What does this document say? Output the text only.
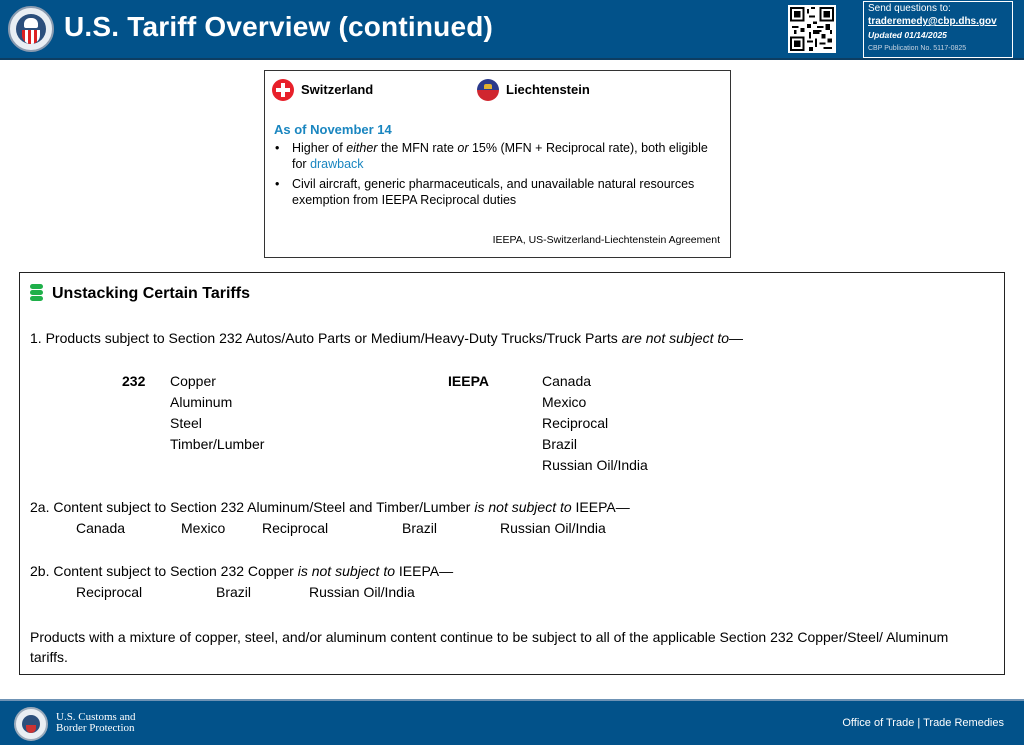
U.S. Tariff Overview (continued)
Send questions to:
traderemedy@cbp.dhs.gov
Updated 01/14/2025
CBP Publication No. 5117-0825
Switzerland	Liechtenstein
As of November 14
• Higher of either the MFN rate or 15% (MFN + Reciprocal rate), both eligible for drawback
• Civil aircraft, generic pharmaceuticals, and unavailable natural resources exemption from IEEPA Reciprocal duties
IEEPA, US-Switzerland-Liechtenstein Agreement
Unstacking Certain Tariffs
1. Products subject to Section 232 Autos/Auto Parts or Medium/Heavy-Duty Trucks/Truck Parts are not subject to—
232 Copper
Aluminum
Steel
Timber/Lumber
IEEPA	Canada
Mexico
Reciprocal
Brazil
Russian Oil/India
2a. Content subject to Section 232 Aluminum/Steel and Timber/Lumber is not subject to IEEPA—
Canada	Mexico	Reciprocal	Brazil	Russian Oil/India
2b. Content subject to Section 232 Copper is not subject to IEEPA—
Reciprocal	Brazil	Russian Oil/India
Products with a mixture of copper, steel, and/or aluminum content continue to be subject to all of the applicable Section 232 Copper/Steel/ Aluminum tariffs.
U.S. Customs and
Border Protection	Office of Trade | Trade Remedies
